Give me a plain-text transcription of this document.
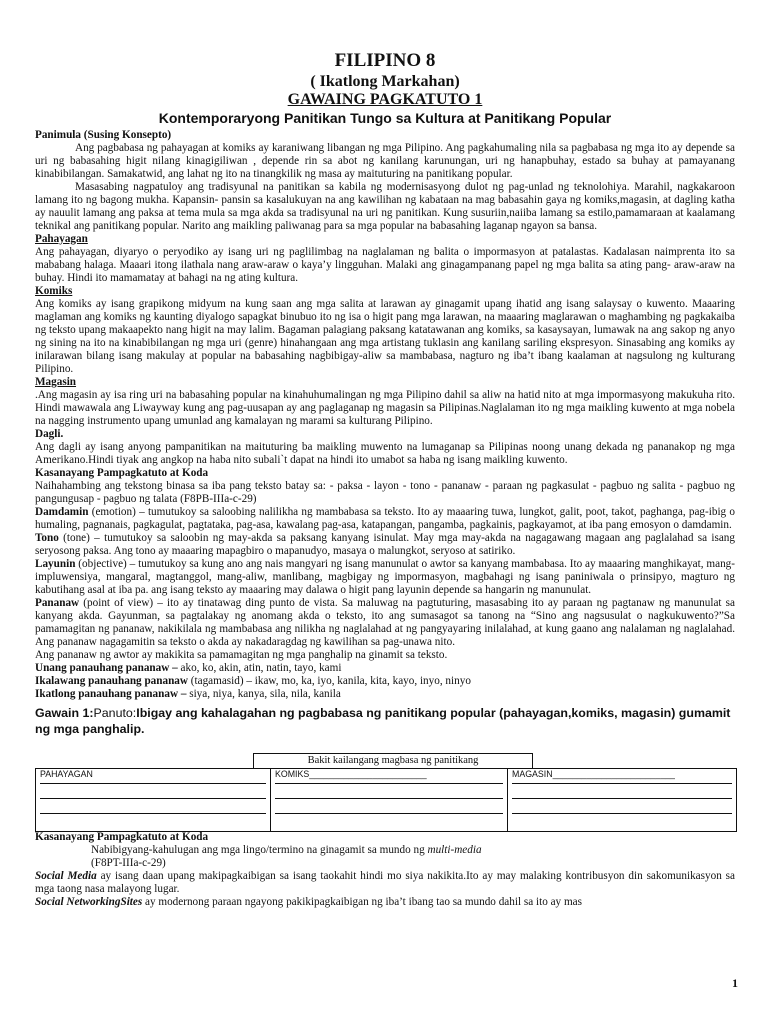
FILIPINO 8
( Ikatlong Markahan)
GAWAING PAGKATUTO 1
Kontemporaryong Panitikan Tungo sa Kultura at Panitikang Popular

Panimula (Susing Konsepto)

Ang pagbabasa ng pahayagan at komiks ay karaniwang libangan ng mga Pilipino. Ang pagkahumaling nila sa pagbabasa ng mga ito ay depende sa uri ng babasahing higit nilang kinagigiliwan , depende rin sa abot ng kanilang karunungan, uri ng hanapbuhay, estado sa buhay at pamayanang kinabibilangan. Samakatwid, ang lahat ng ito na tinangkilik ng masa ay maituturing na panitikang popular.

Masasabing nagpatuloy ang tradisyunal na panitikan sa kabila ng modernisasyong dulot ng pag-unlad ng teknolohiya. Marahil, nagkakaroon lamang ito ng bagong mukha. Kapansin- pansin sa kasalukuyan na ang kawilihan ng kabataan na mag babasahin gaya ng komiks,magasin, at dagling katha ay nauulit lamang ang paksa at tema mula sa mga akda sa tradisyunal na uri ng panitikan. Kung susuriin,naiiba lamang sa estilo,pamamaraan at kaalamang teknikal ang panitikang popular. Narito ang maikling paliwanag para sa mga popular na babasahing laganap ngayon sa bansa.

Pahayagan

Ang pahayagan, diyaryo o peryodiko ay isang uri ng paglilimbag na naglalaman ng balita o impormasyon at patalastas. Kadalasan naimprenta ito sa mababang halaga. Maaari itong ilathala nang araw-araw o kaya’y lingguhan. Malaki ang ginagampanang papel ng mga balita sa ating pang- araw-araw na buhay. Hindi ito mamamatay at bahagi na ng ating kultura.

Komiks

Ang komiks ay isang grapikong midyum na kung saan ang mga salita at larawan ay ginagamit upang ihatid ang isang salaysay o kuwento. Maaaring maglaman ang komiks ng kaunting diyalogo sapagkat binubuo ito ng isa o higit pang mga larawan, na maaaring maglarawan o maghambing ng pagkakaiba ng teksto upang makaapekto nang higit na may lalim. Bagaman palagiang paksang katatawanan ang komiks, sa kasaysayan, lumawak na ang sakop ng anyo ng sining na ito na kinabibilangan ng mga uri (genre) hinahangaan ang mga artistang tuklasin ang kanilang sariling ekspresyon. Sinasabing ang komiks ay inilarawan bilang isang makulay at popular na babasahing nagbibigay-aliw sa mambabasa, nagturo ng iba’t ibang kaalaman at nagsulong ng kulturang Pilipino.

Magasin

.Ang magasin ay isa ring uri na babasahing popular na kinahuhumalingan ng mga Pilipino dahil sa aliw na hatid nito at mga impormasyong makukuha rito. Hindi mawawala ang Liwayway kung ang pag-uusapan ay ang paglaganap ng magasin sa Pilipinas.Naglalaman ito ng mga maikling kuwento at mga nobela na nagging instrumento upang umunlad ang kamalayan ng marami sa kulturang Pilipino.

Dagli.

Ang dagli ay isang anyong pampanitikan na maituturing ba maikling muwento na lumaganap sa Pilipinas noong unang dekada ng pananakop ng mga Amerikano.Hindi tiyak ang angkop na haba nito subali`t dapat na hindi ito umabot sa haba ng isang maikling kuwento.

Kasanayang Pampagkatuto at Koda

Naihahambing ang tekstong binasa sa iba pang teksto batay sa: - paksa - layon - tono - pananaw - paraan ng pagkasulat - pagbuo ng salita - pagbuo ng pangungusap - pagbuo ng talata (F8PB-IIIa-c-29)

Damdamin (emotion) – tumutukoy sa saloobing nalilikha ng mambabasa sa teksto. Ito ay maaaring tuwa, lungkot, galit, poot, takot, paghanga, pag-ibig o humaling, pagnanais, pagkagulat, pagtataka, pag-asa, kawalang pag-asa, katapangan, pangamba, pagkainis, pagkayamot, at iba pang emosyon o damdamin.

Tono (tone) – tumutukoy sa saloobin ng may-akda sa paksang kanyang isinulat. May mga may-akda na nagagawang magaan ang paglalahad sa isang seryosong paksa. Ang tono ay maaaring mapagbiro o mapanudyo, masaya o malungkot, seryoso at satiriko.

Layunin (objective) – tumutukoy sa kung ano ang nais mangyari ng isang manunulat o awtor sa kanyang mambabasa. Ito ay maaaring manghikayat, mang-impluwensiya, mangaral, magtanggol, mang-aliw, manlibang, magbigay ng impormasyon, magbahagi ng isang paniniwala o prinsipyo, magturo ng kabutihang asal at iba pa. ang isang teksto ay maaaring may dalawa o higit pang layunin depende sa hangarin ng manunulat.

Pananaw (point of view) – ito ay tinatawag ding punto de vista. Sa maluwag na pagtuturing, masasabing ito ay paraan ng pagtanaw ng manunulat sa kanyang akda. Gayunman, sa pagtalakay ng anomang akda o teksto, ito ang sumasagot sa tanong na “Sino ang nagsusulat o nagkukuwento?”Sa pamamagitan ng pananaw, nakikilala ng mambabasa ang nilikha ng naglalahad at ng pangyayaring inilalahad, at kung gaano ang nalalaman ng naglalahad. Ang pananaw nagagamitin sa teksto o akda ay nakadaragdag ng kawilihan sa pag-unawa nito.

Ang pananaw ng awtor ay makikita sa pamamagitan ng mga panghalip na ginamit sa teksto.

Unang panauhang pananaw – ako, ko, akin, atin, natin, tayo, kami

Ikalawang panauhang pananaw (tagamasid) – ikaw, mo, ka, iyo, kanila, kita, kayo, inyo, ninyo

Ikatlong panauhang pananaw – siya, niya, kanya, sila, nila, kanila

Gawain 1:Panuto:Ibigay ang kahalagahan ng pagbabasa ng panitikang popular (pahayagan,komiks, magasin) gumamit ng mga panghalip.

Bakit kailangang magbasa ng panitikang
PAHAYAGAN	KOMIKS________________________	MAGASIN_________________________

Kasanayang Pampagkatuto at Koda

Nabibigyang-kahulugan ang mga lingo/termino na ginagamit sa mundo ng multi-media

(F8PT-IIIa-c-29)

Social Media ay isang daan upang makipagkaibigan sa isang taokahit hindi mo siya nakikita.Ito ay may malaking kontribusyon din sakomunikasyon sa mga taong nasa malayong lugar.

Social NetworkingSites ay modernong paraan ngayong pakikipagkaibigan ng iba’t ibang tao sa mundo dahil sa ito ay mas

1
